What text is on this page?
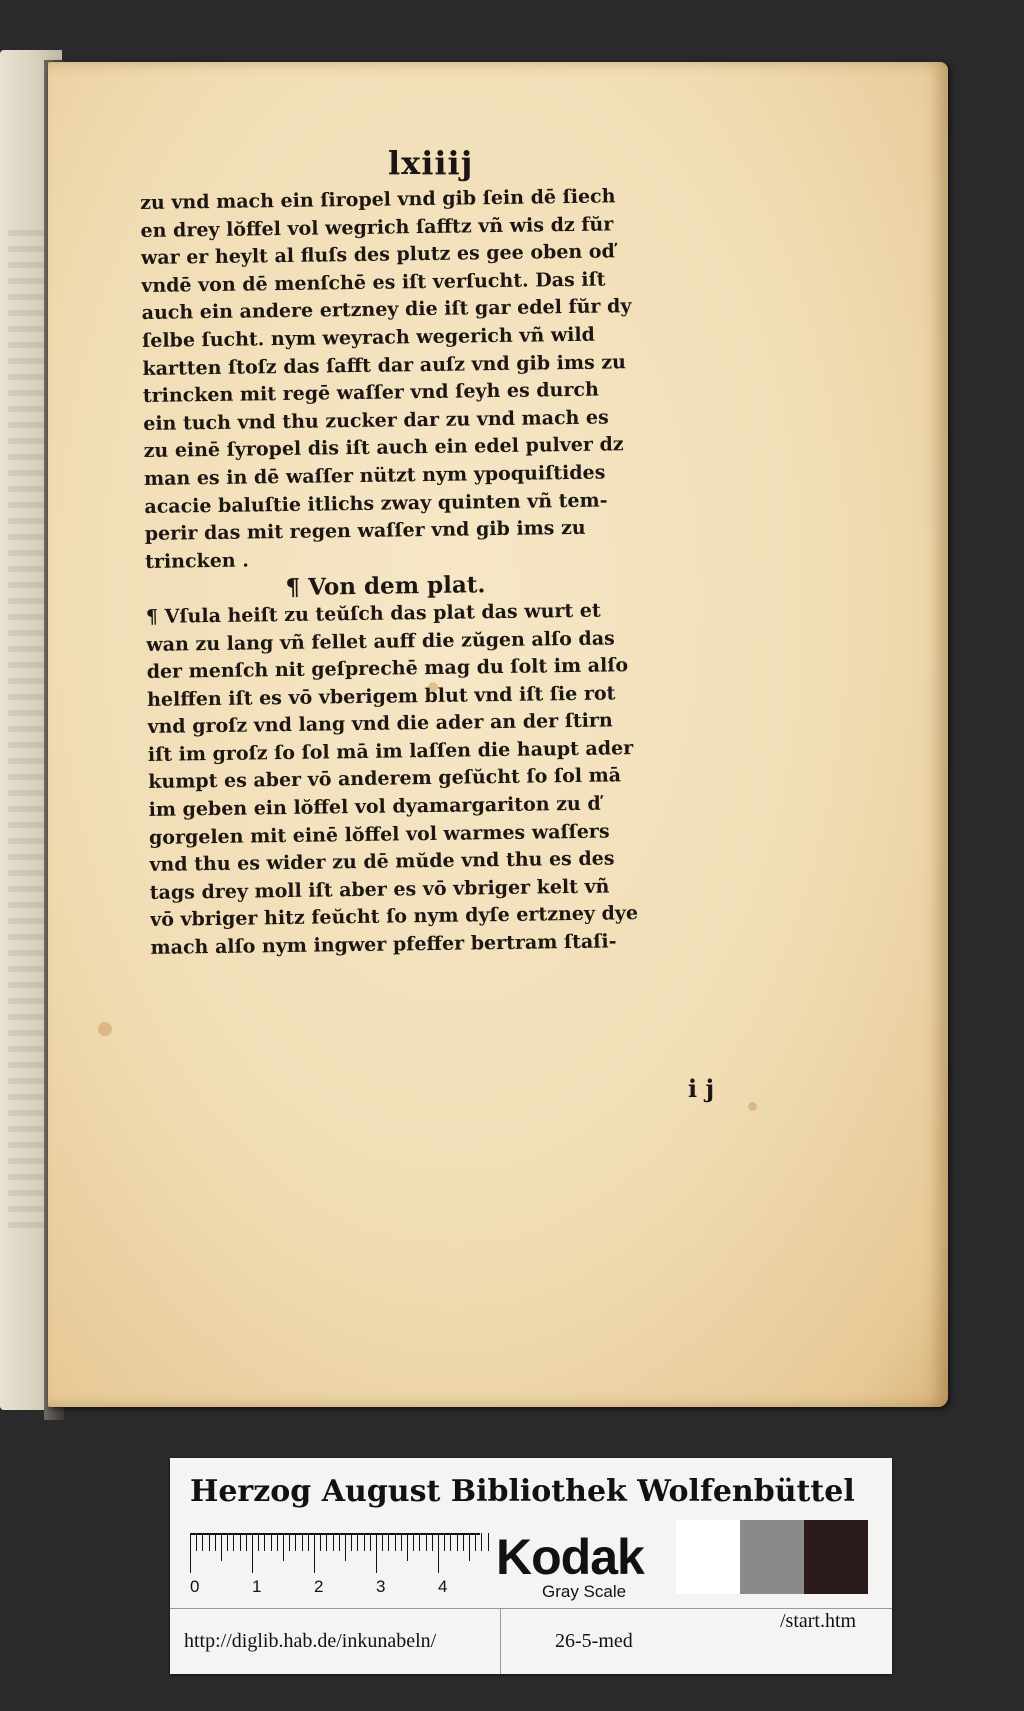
lxiiij
zu vnd mach ein ſiropel vnd gib ſein dē ſiech
en drey lŏffel vol wegrich ſafftz vñ wis dz fŭr
war er heylt al fluſs des plutz es gee oben oď
vndē von dē menſchē es iſt verſucht. Das iſt
auch ein andere ertzney die iſt gar edel fŭr dy
ſelbe ſucht. nym weyrach wegerich vñ wild
kartten ſtoſz das ſafft dar auſz vnd gib ims zu
trincken mit regē waſſer vnd ſeyh es durch
ein tuch vnd thu zucker dar zu vnd mach es
zu einē ſyropel dis iſt auch ein edel pulver dz
man es in dē waſſer nützt nym ypoquiſtides
acacie baluſtie itlichs zway quinten vñ tem-
perir das mit regen waſſer vnd gib ims zu
trincken .
¶ Von dem plat.
¶ Vſula heiſt zu teŭſch das plat das wurt et
wan zu lang vñ fellet auff die zŭgen alſo das
der menſch nit geſprechē mag du ſolt im alſo
helffen iſt es vō vberigem blut vnd iſt ſie rot
vnd groſz vnd lang vnd die ader an der ſtirn
iſt im groſz ſo ſol mā im laſſen die haupt ader
kumpt es aber vō anderem geſŭcht ſo ſol mā
im geben ein lŏffel vol dyamargariton zu ď
gorgelen mit einē lŏffel vol warmes waſſers
vnd thu es wider zu dē mŭde vnd thu es des
tags drey moll iſt aber es vō vbriger kelt vñ
vō vbriger hitz feŭcht ſo nym dyſe ertzney dye
mach alſo nym ingwer pfeffer bertram ſtaſi-
i j
Herzog August Bibliothek Wolfenbüttel
0	1	2	3	4
Kodak
Gray Scale
http://diglib.hab.de/inkunabeln/	26-5-med
/start.htm
